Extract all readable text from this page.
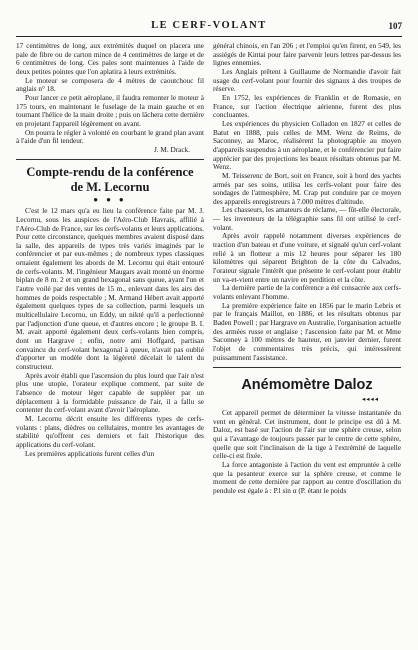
LE CERF-VOLANT	107

17 centimètres de long, aux extrémités duquel on placera une pale de fibre ou de carton mince de 4 centimètres de large et de 6 centimètres de long. Ces pales sont maintenues à l'aide de deux petites pointes que l'on aplatira à leurs extrémités.

Le moteur se composera de 4 mètres de caoutchouc fil anglais n° 18.

Pour lancer ce petit aéroplane, il faudra remonter le moteur à 175 tours, en maintenant le fuselage de la main gauche et en tournant l'hélice de la main droite ; puis on lâchera cette dernière en projetant l'appareil légèrement en avant.

On pourra le régler à volonté en courbant le grand plan avant à l'aide d'un fil tendeur.

J. M. Drack.
Compte-rendu de la conférence
de M. Lecornu
● ● ●

C'est le 12 mars qu'a eu lieu la conférence faite par M. J. Lecornu, sous les auspices de l'Aéro-Club Havrais, affilié à l'Aéro-Club de France, sur les cerfs-volants et leurs applications. Pour cette circonstance, quelques membres avaient disposé dans la salle, des appareils de types très variés imaginés par le conférencier et par eux-mêmes ; de nombreux types classiques ornaient également les abords de M. Lecornu qui était entouré de cerfs-volants. M. l'ingénieur Maugars avait monté un énorme biplan de 8 m. 2 et un grand hexagonal sans queue, ayant l'un et l'autre voilé par des ventes de 15 m., enlevant dans les airs des hommes de poids respectable ; M. Armand Hébert avait apporté également quelques types de sa collection, parmi lesquels un multicellulaire Lecornu, un Eddy, un nikté qu'il a perfectionné par l'adjonction d'une queue, et d'autres encore ; le groupe B. I. M. avait apporté également deux cerfs-volants bien compris, dont un Hargrave ; enfin, notre ami Hoffgard, partisan convaincu du cerf-volant hexagonal à queue, n'avait pas oublié d'apporter un modèle dont la légèreté décelait le talent du constructeur.

Après avoir établi que l'ascension du plus lourd que l'air n'est plus une utopie, l'orateur explique comment, par suite de l'absence de moteur léger capable de suppléer par un déplacement à la formidable puissance de l'air, il a fallu se contenter du cerf-volant avant d'avoir l'aéroplane.

M. Lecornu décrit ensuite les différents types de cerfs-volants : plans, dièdres ou cellulaires, montre les avantages de stabilité qu'offrent ces derniers et fait l'historique des applications du cerf-volant.

Les premières applications furent celles d'un

général chinois, en l'an 206 ; et l'emploi qu'en firent, en 549, les assiégés de Kintai pour faire parvenir leurs lettres par-dessus les lignes ennemies.

Les Anglais prêtent à Guillaume de Normandie d'avoir fait usage du cerf-volant pour fournir des signaux à des troupes de réserve.

En 1752, les expériences de Franklin et de Romasie, en France, sur l'action électrique aérienne, furent des plus concluantes.

Les expériences du physicien Colladon en 1827 et celles de Batut en 1888, puis celles de MM. Wenz de Reims, de Saconney, au Maroc, réalisèrent la photographie au moyen d'appareils suspendus à un aéroplane, et le conférencier put faire apprécier par des projections les beaux résultats obtenus par M. Wenz.

M. Teisserenc de Bort, soit en France, soit à bord des yachts armés par ses soins, utilisa les cerfs-volant pour faire des sondages de l'atmosphère, M. Crap put conduire par ce moyen des appareils enregistreurs à 7.000 mètres d'altitude.

Les chasseurs, les amateurs de réclame, — fût-elle électorale, — les inventeurs de la télégraphie sans fil ont utilisé le cerf-volant.

Après avoir rappelé notamment diverses expériences de traction d'un bateau et d'une voiture, et signalé qu'un cerf-volant relié à un flotteur a mis 12 heures pour séparer les 180 kilomètres qui séparent Brighton de la côte du Calvados, l'orateur signale l'intérêt que présente le cerf-volant pour établir un va-et-vient entre un navire en perdition et la côte.

La dernière partie de la conférence a été consacrée aux cerfs-volants enlevant l'homme.

La première expérience faite en 1856 par le marin Lebris et par le français Maillot, en 1886, et les résultats obtenus par Baden Powell ; par Hargrave en Australie, l'organisation actuelle des armées russe et anglaise ; l'ascension faite par M. et Mme Saconney à 100 mètres de hauteur, en janvier dernier, furent l'objet de commentaires très précis, qui intéressèrent puissamment l'assistance.

Anémomètre Daloz
◂◂◂◂

Cet appareil permet de déterminer la vitesse instantanée du vent en général. Cet instrument, dont le principe est dû à M. Daloz, est basé sur l'action de l'air sur une sphère creuse, selon qui a l'avantage de toujours passer par le centre de cette sphère, quelle que soit l'inclinaison de la tige à l'extrémité de laquelle celle-ci est fixée.

La force antagoniste à l'action du vent est empruntée à celle que la pesanteur exerce sur la sphère creuse, et comme le moment de cette dernière par rapport au centre d'oscillation du pendule est égale à : P.l sin α (P. étant le poids
